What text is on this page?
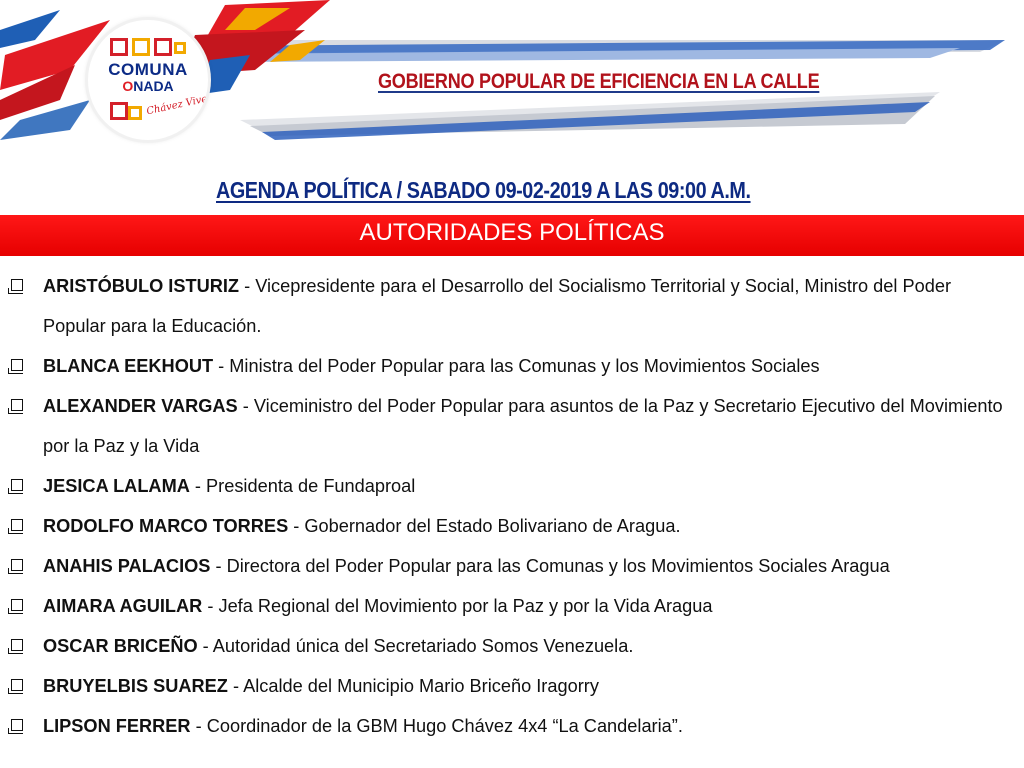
COMUNA
ONADA
Chávez Vive
GOBIERNO POPULAR DE EFICIENCIA EN LA CALLE
AGENDA POLÍTICA / SABADO 09-02-2019 A LAS 09:00 A.M.
AUTORIDADES POLÍTICAS
ARISTÓBULO ISTURIZ - Vicepresidente para el Desarrollo del Socialismo Territorial y Social, Ministro del Poder Popular para la Educación.
BLANCA EEKHOUT - Ministra del Poder Popular para las Comunas y los Movimientos Sociales
ALEXANDER VARGAS - Viceministro del Poder Popular para asuntos de la Paz y Secretario Ejecutivo del Movimiento por la Paz y la Vida
JESICA LALAMA - Presidenta de Fundaproal
RODOLFO MARCO TORRES - Gobernador del Estado Bolivariano de Aragua.
ANAHIS PALACIOS - Directora del Poder Popular para las Comunas y los Movimientos Sociales Aragua
AIMARA AGUILAR - Jefa Regional del Movimiento por la Paz y por la Vida Aragua
OSCAR BRICEÑO - Autoridad única del Secretariado Somos Venezuela.
BRUYELBIS SUAREZ - Alcalde del Municipio Mario Briceño Iragorry
LIPSON FERRER - Coordinador de la GBM Hugo Chávez 4x4 “La Candelaria”.
